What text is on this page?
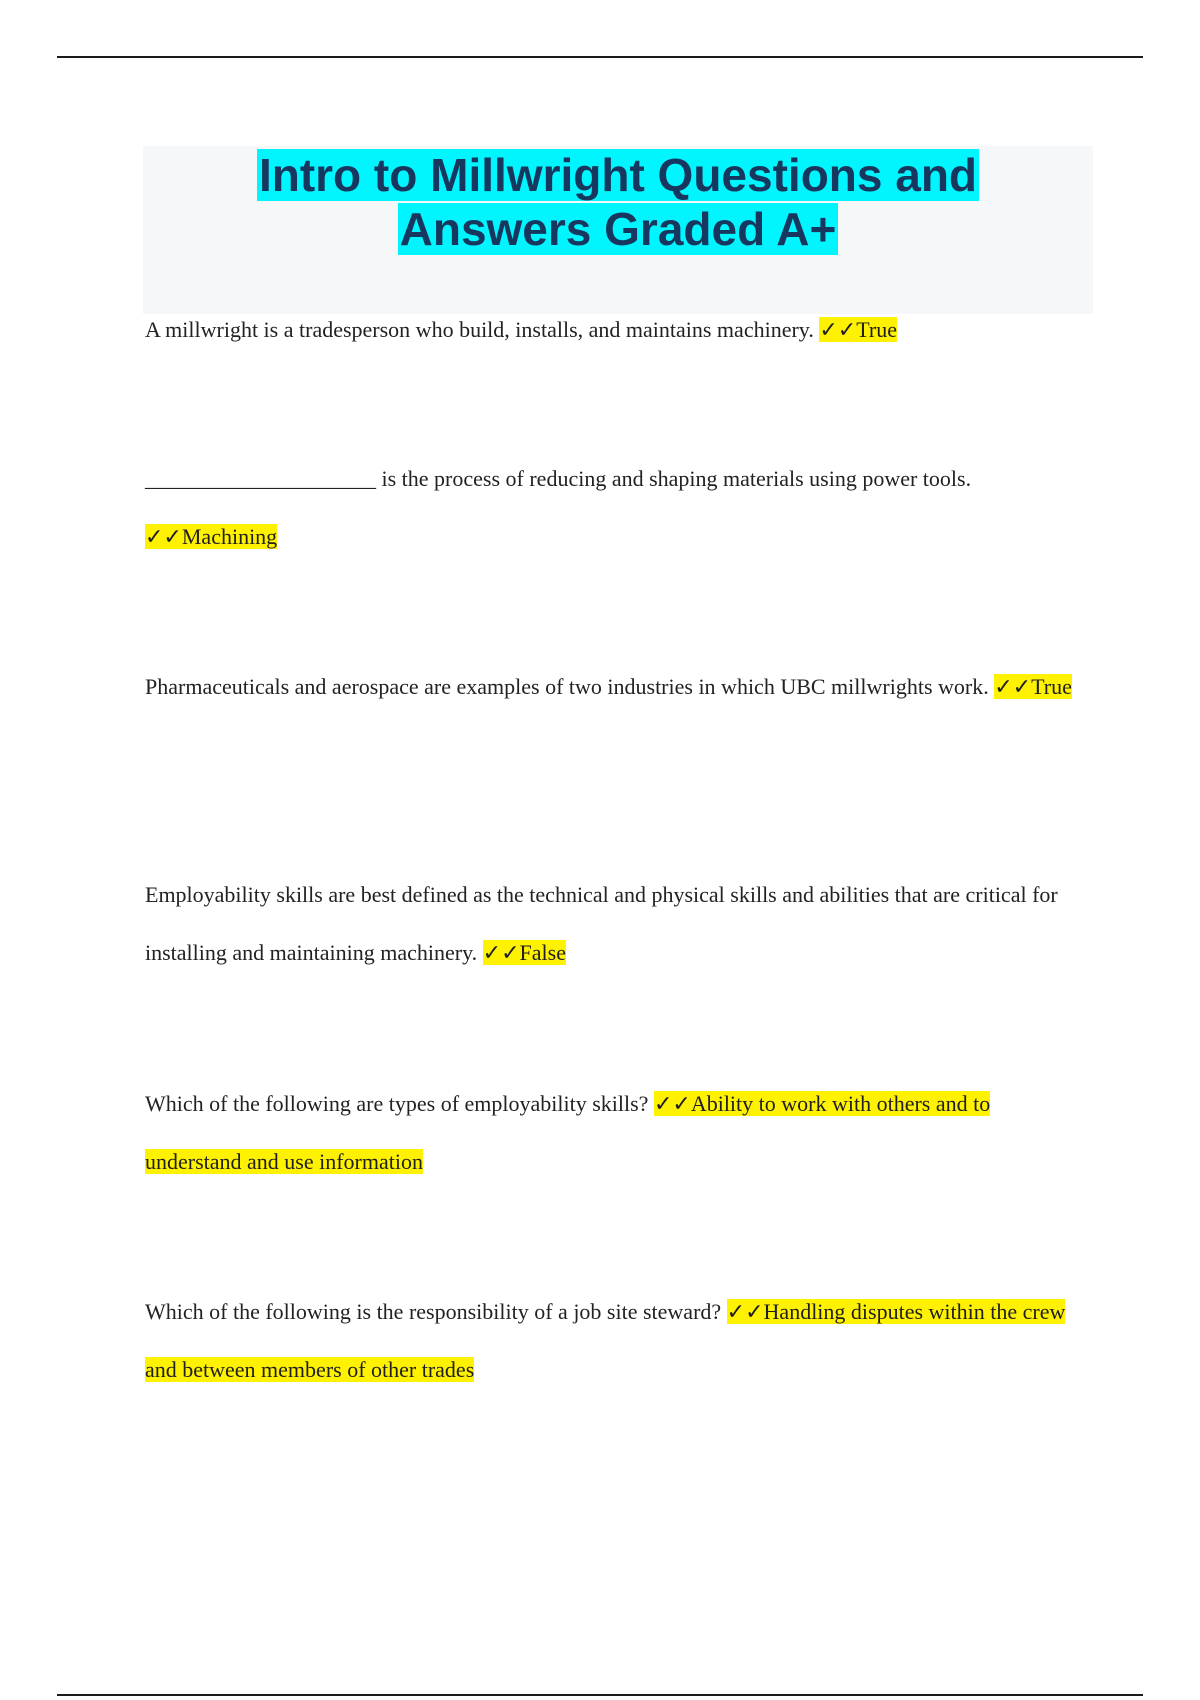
Intro to Millwright Questions and
Answers Graded A+

A millwright is a tradesperson who build, installs, and maintains machinery. ✓✓True

_____________________ is the process of reducing and shaping materials using power tools. ✓✓Machining

Pharmaceuticals and aerospace are examples of two industries in which UBC millwrights work. ✓✓True

Employability skills are best defined as the technical and physical skills and abilities that are critical for installing and maintaining machinery. ✓✓False

Which of the following are types of employability skills? ✓✓Ability to work with others and to understand and use information

Which of the following is the responsibility of a job site steward? ✓✓Handling disputes within the crew and between members of other trades
